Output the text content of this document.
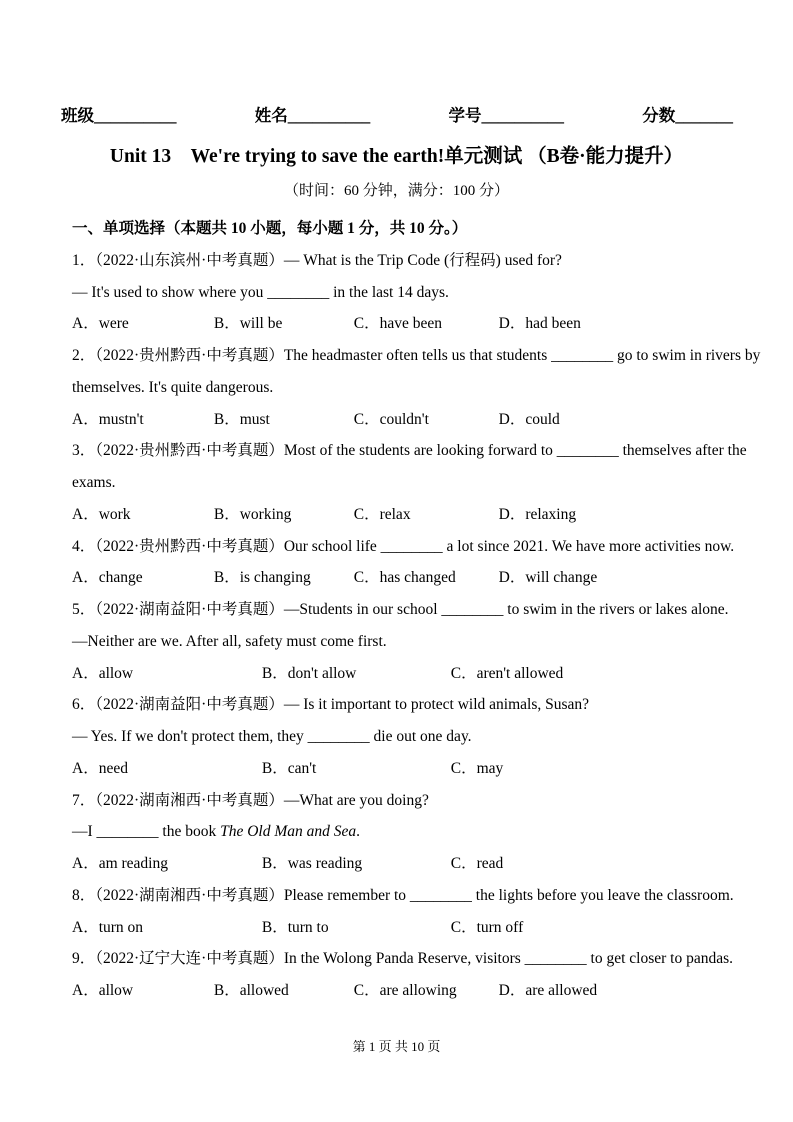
班级__________	姓名__________	学号__________	分数_______
Unit 13　We're trying to save the earth!单元测试 （B卷·能力提升）
（时间：60 分钟，满分：100 分）
一、单项选择（本题共 10 小题，每小题 1 分，共 10 分。）
1．（2022·山东滨州·中考真题）— What is the Trip Code (行程码) used for?
— It's used to show where you ________ in the last 14 days.
A．were	B．will be	C．have been	D．had been
2．（2022·贵州黔西·中考真题）The headmaster often tells us that students ________ go to swim in rivers by
themselves. It's quite dangerous.
A．mustn't	B．must	C．couldn't	D．could
3．（2022·贵州黔西·中考真题）Most of the students are looking forward to ________ themselves after the
exams.
A．work	B．working	C．relax	D．relaxing
4．（2022·贵州黔西·中考真题）Our school life ________ a lot since 2021. We have more activities now.
A．change	B．is changing	C．has changed	D．will change
5．（2022·湖南益阳·中考真题）—Students in our school ________ to swim in the rivers or lakes alone.
—Neither are we. After all, safety must come first.
A．allow	B．don't allow	C．aren't allowed
6．（2022·湖南益阳·中考真题）— Is it important to protect wild animals, Susan?
— Yes. If we don't protect them, they ________ die out one day.
A．need	B．can't	C．may
7．（2022·湖南湘西·中考真题）—What are you doing?
—I ________ the book The Old Man and Sea.
A．am reading	B．was reading	C．read
8．（2022·湖南湘西·中考真题）Please remember to ________ the lights before you leave the classroom.
A．turn on	B．turn to	C．turn off
9．（2022·辽宁大连·中考真题）In the Wolong Panda Reserve, visitors ________ to get closer to pandas.
A．allow	B．allowed	C．are allowing	D．are allowed
第 1 页 共 10 页
